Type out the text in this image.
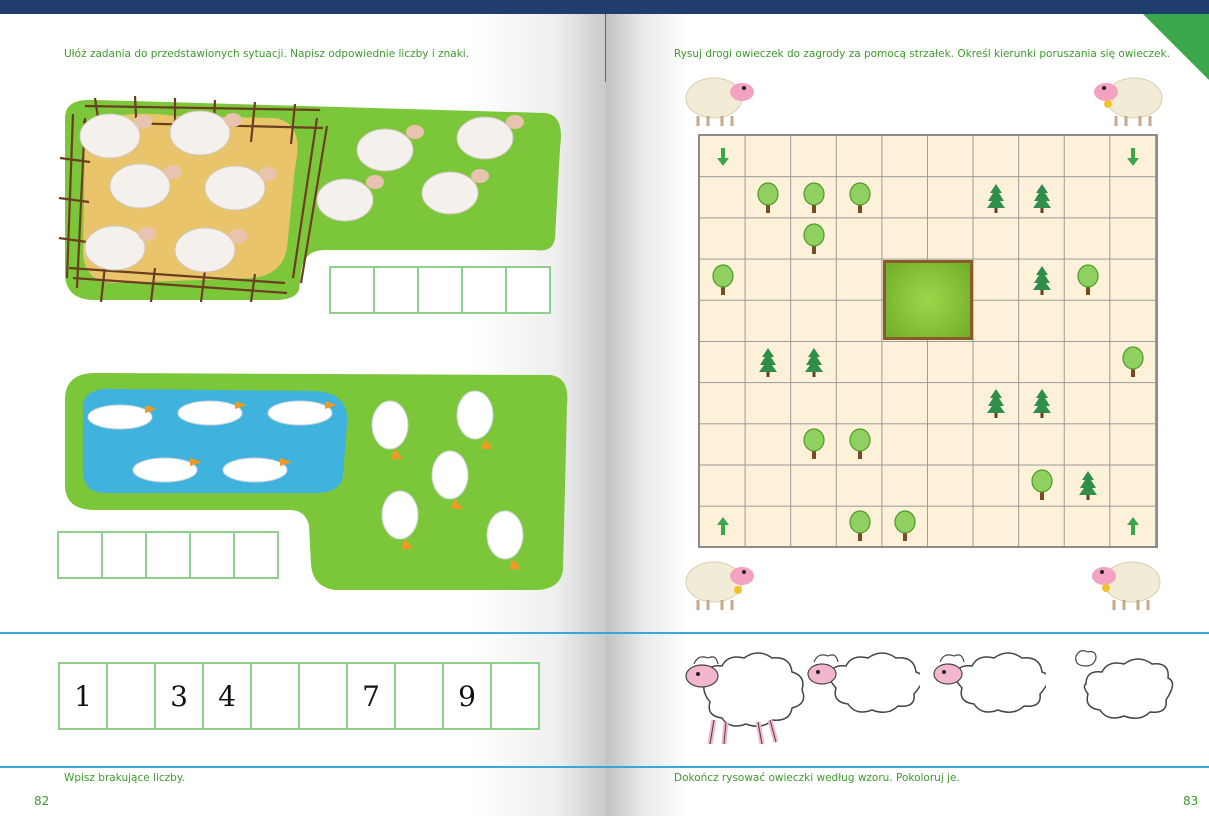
Ułóż zadania do przedstawionych sytuacji. Napisz odpowiednie liczby i znaki.
1	3	4	7	9
Wpisz brakujące liczby.
82
Rysuj drogi owieczek do zagrody za pomocą strzałek. Określ kierunki poruszania się owieczek.
Dokończ rysować owieczki według wzoru. Pokoloruj je.
83
